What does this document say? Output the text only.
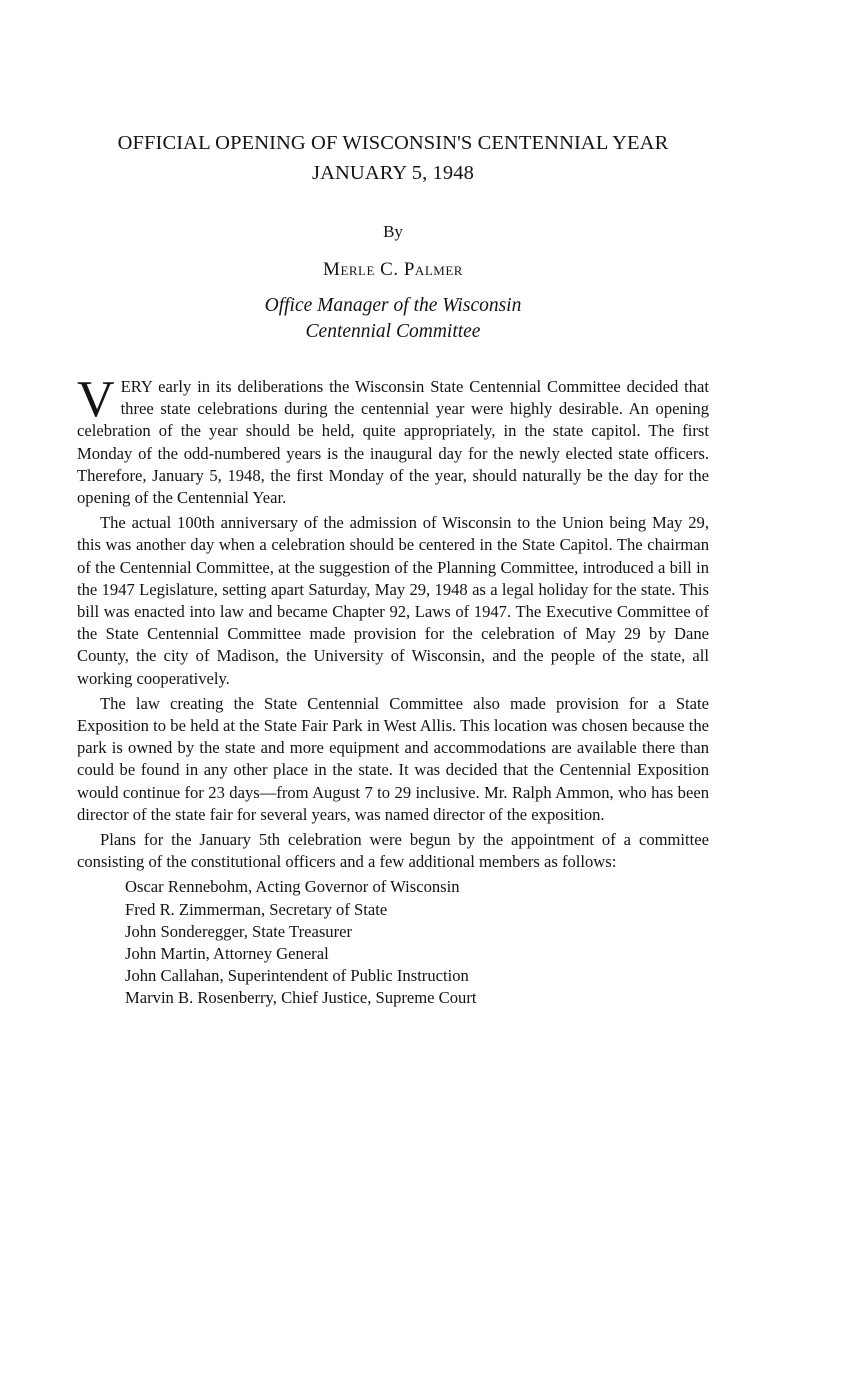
OFFICIAL OPENING OF WISCONSIN'S CENTENNIAL YEAR
JANUARY 5, 1948
By
Merle C. Palmer
Office Manager of the Wisconsin
Centennial Committee

VERY early in its deliberations the Wisconsin State Centennial Committee decided that three state celebrations during the centennial year were highly desirable. An opening celebration of the year should be held, quite appropriately, in the state capitol. The first Monday of the odd-numbered years is the inaugural day for the newly elected state officers. Therefore, January 5, 1948, the first Monday of the year, should naturally be the day for the opening of the Centennial Year.

The actual 100th anniversary of the admission of Wisconsin to the Union being May 29, this was another day when a celebration should be centered in the State Capitol. The chairman of the Centennial Committee, at the suggestion of the Planning Committee, introduced a bill in the 1947 Legislature, setting apart Saturday, May 29, 1948 as a legal holiday for the state. This bill was enacted into law and became Chapter 92, Laws of 1947. The Executive Committee of the State Centennial Committee made provision for the celebration of May 29 by Dane County, the city of Madison, the University of Wisconsin, and the people of the state, all working cooperatively.

The law creating the State Centennial Committee also made provision for a State Exposition to be held at the State Fair Park in West Allis. This location was chosen because the park is owned by the state and more equipment and accommodations are available there than could be found in any other place in the state. It was decided that the Centennial Exposition would continue for 23 days—from August 7 to 29 inclusive. Mr. Ralph Ammon, who has been director of the state fair for several years, was named director of the exposition.

Plans for the January 5th celebration were begun by the appointment of a committee consisting of the constitutional officers and a few additional members as follows:

Oscar Rennebohm, Acting Governor of Wisconsin
Fred R. Zimmerman, Secretary of State
John Sonderegger, State Treasurer
John Martin, Attorney General
John Callahan, Superintendent of Public Instruction
Marvin B. Rosenberry, Chief Justice, Supreme Court
